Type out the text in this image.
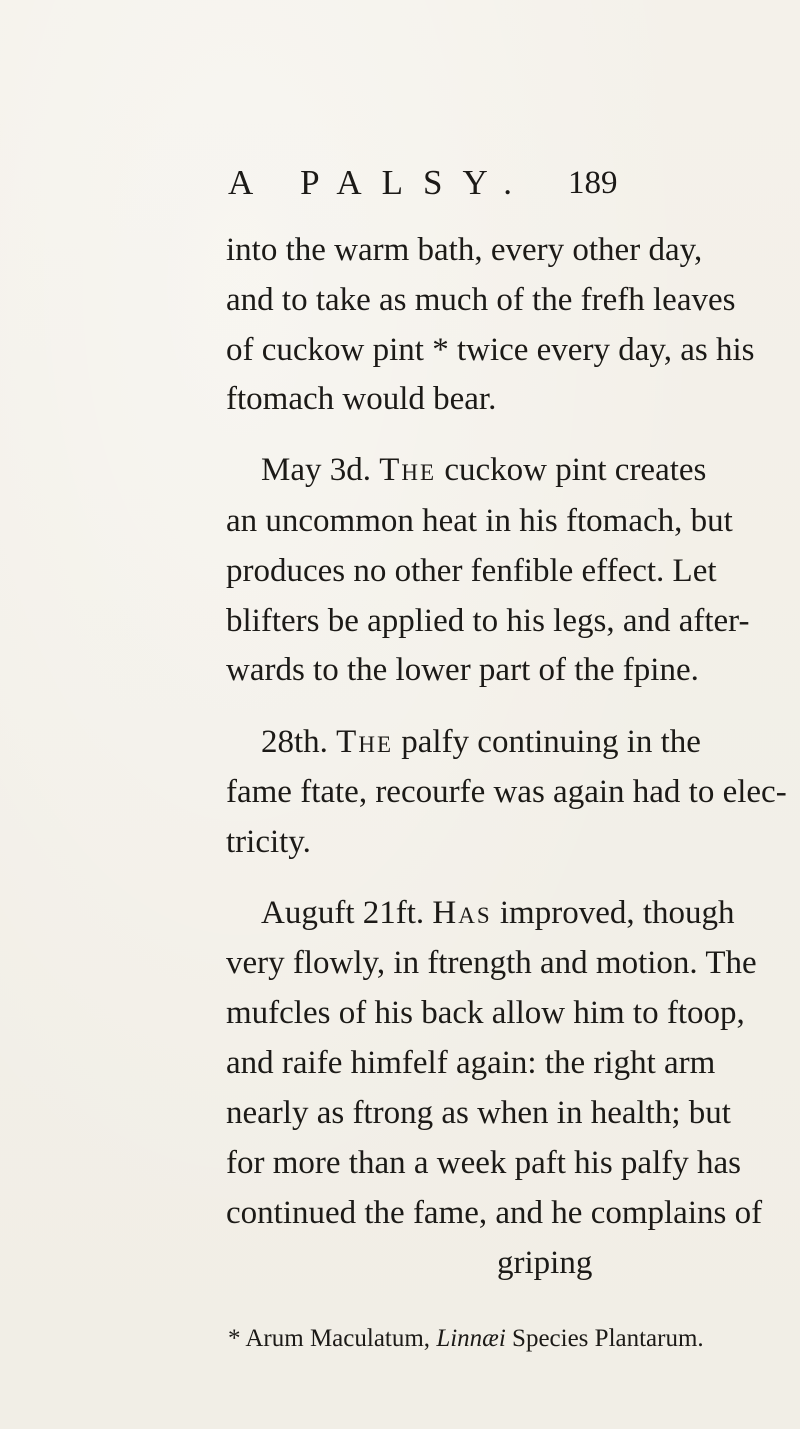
A PALSY. 189
into the warm bath, every other day,
and to take as much of the frefh leaves
of cuckow pint * twice every day, as his
ftomach would bear.
May 3d. The cuckow pint creates
an uncommon heat in his ftomach, but
produces no other fenfible effect. Let
blifters be applied to his legs, and after-
wards to the lower part of the fpine.
28th. The palfy continuing in the
fame ftate, recourfe was again had to elec-
tricity.
Auguft 21ft. Has improved, though
very flowly, in ftrength and motion. The
mufcles of his back allow him to ftoop,
and raife himfelf again: the right arm
nearly as ftrong as when in health; but
for more than a week paft his palfy has
continued the fame, and he complains of
griping
* Arum Maculatum, Linnæi Species Plantarum.
